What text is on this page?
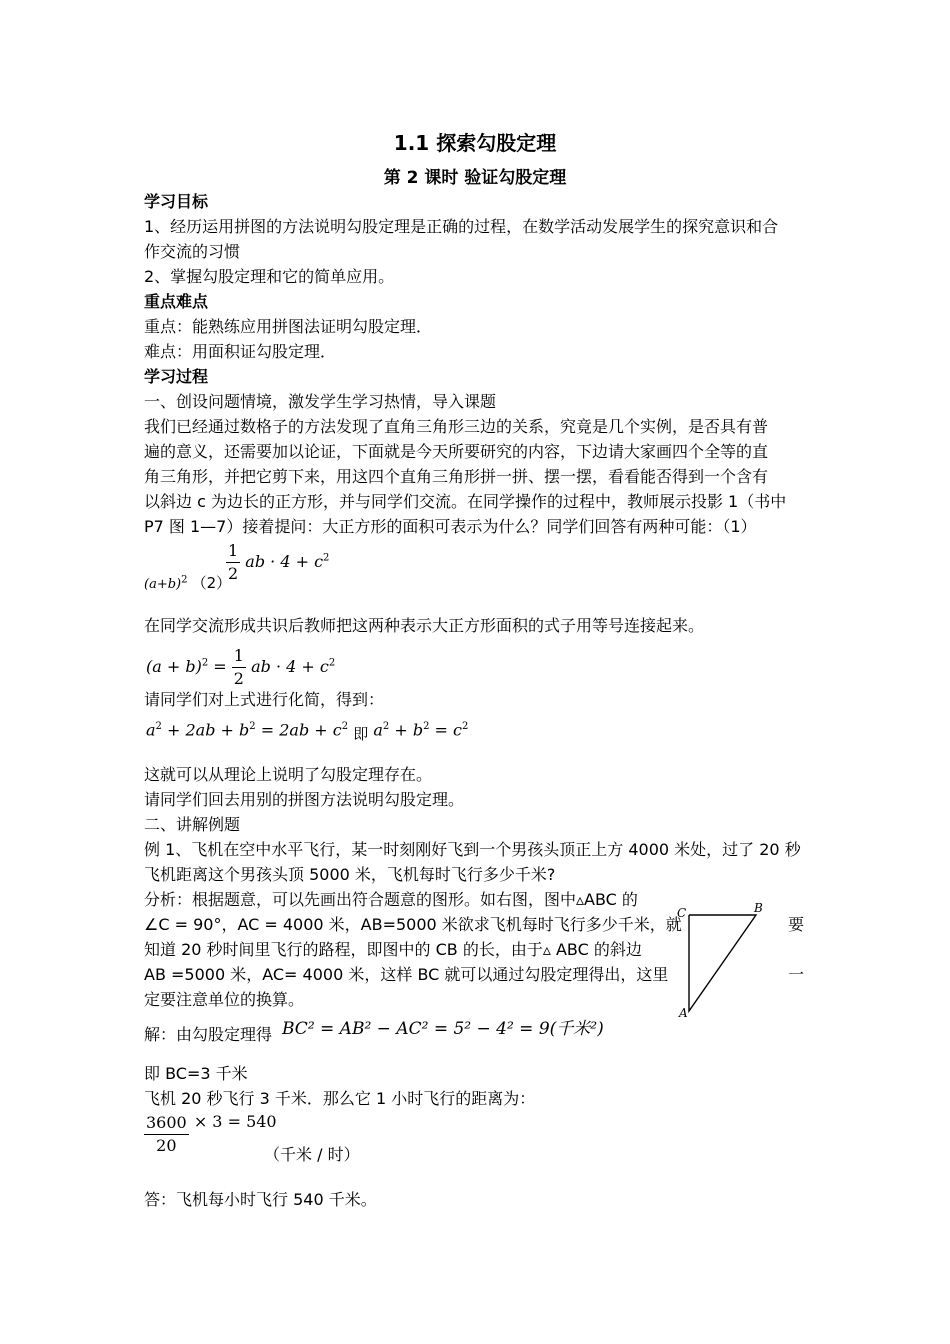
1.1 探索勾股定理
第 2 课时 验证勾股定理
学习目标
1、经历运用拼图的方法说明勾股定理是正确的过程，在数学活动发展学生的探究意识和合
作交流的习惯
2、掌握勾股定理和它的简单应用。
重点难点
重点：能熟练应用拼图法证明勾股定理．
难点：用面积证勾股定理．
学习过程
一、创设问题情境，激发学生学习热情，导入课题
我们已经通过数格子的方法发现了直角三角形三边的关系，究竟是几个实例，是否具有普
遍的意义，还需要加以论证，下面就是今天所要研究的内容，下边请大家画四个全等的直
角三角形，并把它剪下来，用这四个直角三角形拼一拼、摆一摆，看看能否得到一个含有
以斜边 c 为边长的正方形，并与同学们交流。在同学操作的过程中，教师展示投影 1（书中
P7 图 1—7）接着提问：大正方形的面积可表示为什么？同学们回答有两种可能：（1）
$(a+b)^2$ （2）
$\frac{1}{2}$ ab · $4 + c^2$
在同学交流形成共识后教师把这两种表示大正方形面积的式子用等号连接起来。
$(a + b)^2 = \frac{1}{2}$ ab · $4 + c^2$
请同学们对上式进行化简，得到：
$a^2 + 2ab + b^2 = 2ab + c^2$ 即 $a^2 + b^2 = c^2$
这就可以从理论上说明了勾股定理存在。
请同学们回去用别的拼图方法说明勾股定理。
二、讲解例题
例 1、飞机在空中水平飞行，某一时刻刚好飞到一个男孩头顶正上方 4000 米处，过了 20 秒
飞机距离这个男孩头顶 5000 米，飞机每时飞行多少千米?
分析：根据题意，可以先画出符合题意的图形。如右图，图中▵ABC 的
∠C = 90°，AC = 4000 米，AB=5000 米欲求飞机每时飞行多少千米，就	要
知道 20 秒时间里飞行的路程，即图中的 CB 的长，由于▵ ABC 的斜边
AB =5000 米，AC= 4000 米，这样 BC 就可以通过勾股定理得出，这里	一
定要注意单位的换算。
C	B
A
解：由勾股定理得 BC² = AB² − AC² = 5² − 4² = 9(千米²)
即 BC=3 千米
飞机 20 秒飞行 3 千米．那么它 1 小时飞行的距离为：
$\frac{3600}{20} \times 3 = 540$
（千米 / 时）
答：飞机每小时飞行 540 千米。
